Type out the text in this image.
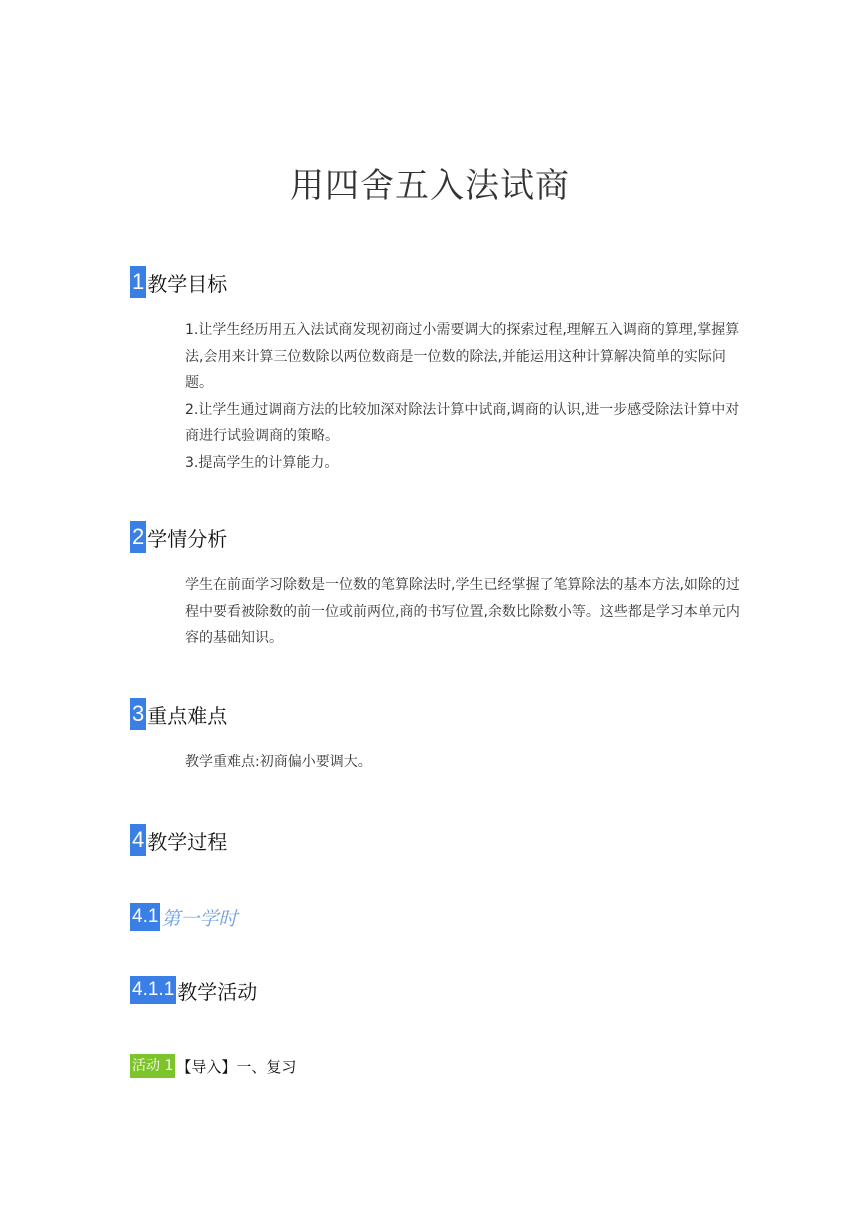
用四舍五入法试商
1 教学目标

1.让学生经历用五入法试商发现初商过小需要调大的探索过程,理解五入调商的算理,掌握算法,会用来计算三位数除以两位数商是一位数的除法,并能运用这种计算解决简单的实际问题。

2.让学生通过调商方法的比较加深对除法计算中试商,调商的认识,进一步感受除法计算中对商进行试验调商的策略。

3.提高学生的计算能力。

2 学情分析

学生在前面学习除数是一位数的笔算除法时,学生已经掌握了笔算除法的基本方法,如除的过程中要看被除数的前一位或前两位,商的书写位置,余数比除数小等。这些都是学习本单元内容的基础知识。

3 重点难点

教学重难点:初商偏小要调大。

4 教学过程
4.1 第一学时
4.1.1 教学活动
活动 1 【导入】一、复习
